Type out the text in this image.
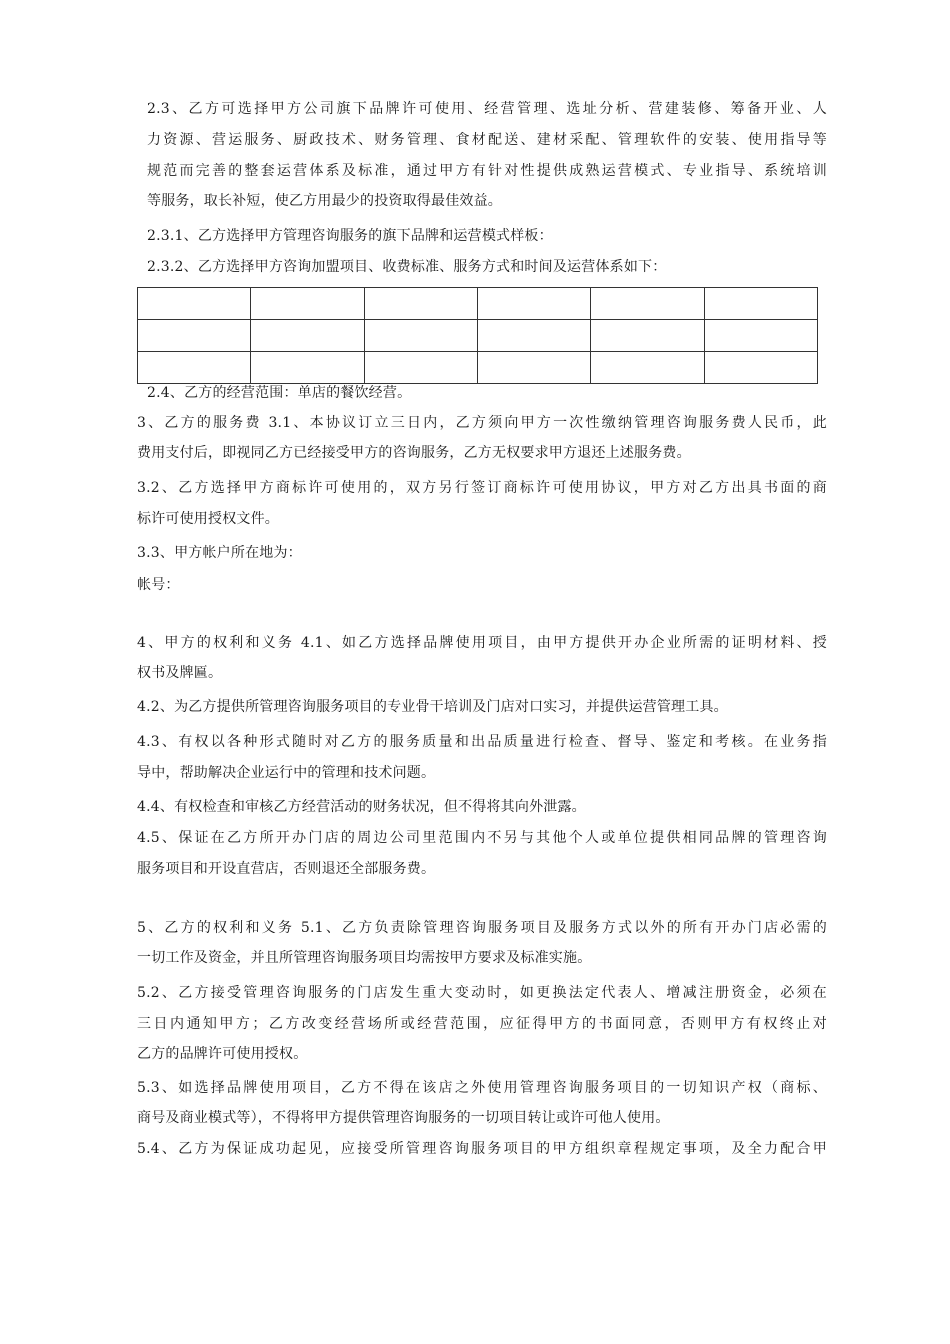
2.3、乙方可选择甲方公司旗下品牌许可使用、经营管理、选址分析、营建装修、筹备开业、人
力资源、营运服务、厨政技术、财务管理、食材配送、建材采配、管理软件的安装、使用指导等
规范而完善的整套运营体系及标准，通过甲方有针对性提供成熟运营模式、专业指导、系统培训
等服务，取长补短，使乙方用最少的投资取得最佳效益。
2.3.1、乙方选择甲方管理咨询服务的旗下品牌和运营模式样板：
2.3.2、乙方选择甲方咨询加盟项目、收费标准、服务方式和时间及运营体系如下：

2.4、乙方的经营范围：单店的餐饮经营。
3、乙方的服务费 3.1、本协议订立三日内，乙方须向甲方一次性缴纳管理咨询服务费人民币，此
费用支付后，即视同乙方已经接受甲方的咨询服务，乙方无权要求甲方退还上述服务费。
3.2、乙方选择甲方商标许可使用的，双方另行签订商标许可使用协议，甲方对乙方出具书面的商
标许可使用授权文件。
3.3、甲方帐户所在地为：
帐号：
4、甲方的权利和义务 4.1、如乙方选择品牌使用项目，由甲方提供开办企业所需的证明材料、授
权书及牌匾。
4.2、为乙方提供所管理咨询服务项目的专业骨干培训及门店对口实习，并提供运营管理工具。
4.3、有权以各种形式随时对乙方的服务质量和出品质量进行检查、督导、鉴定和考核。在业务指
导中，帮助解决企业运行中的管理和技术问题。
4.4、有权检查和审核乙方经营活动的财务状况，但不得将其向外泄露。
4.5、保证在乙方所开办门店的周边公司里范围内不另与其他个人或单位提供相同品牌的管理咨询
服务项目和开设直营店，否则退还全部服务费。
5、乙方的权利和义务 5.1、乙方负责除管理咨询服务项目及服务方式以外的所有开办门店必需的
一切工作及资金，并且所管理咨询服务项目均需按甲方要求及标准实施。
5.2、乙方接受管理咨询服务的门店发生重大变动时，如更换法定代表人、增减注册资金，必须在
三日内通知甲方；乙方改变经营场所或经营范围，应征得甲方的书面同意，否则甲方有权终止对
乙方的品牌许可使用授权。
5.3、如选择品牌使用项目，乙方不得在该店之外使用管理咨询服务项目的一切知识产权（商标、
商号及商业模式等），不得将甲方提供管理咨询服务的一切项目转让或许可他人使用。
5.4、乙方为保证成功起见，应接受所管理咨询服务项目的甲方组织章程规定事项，及全力配合甲
